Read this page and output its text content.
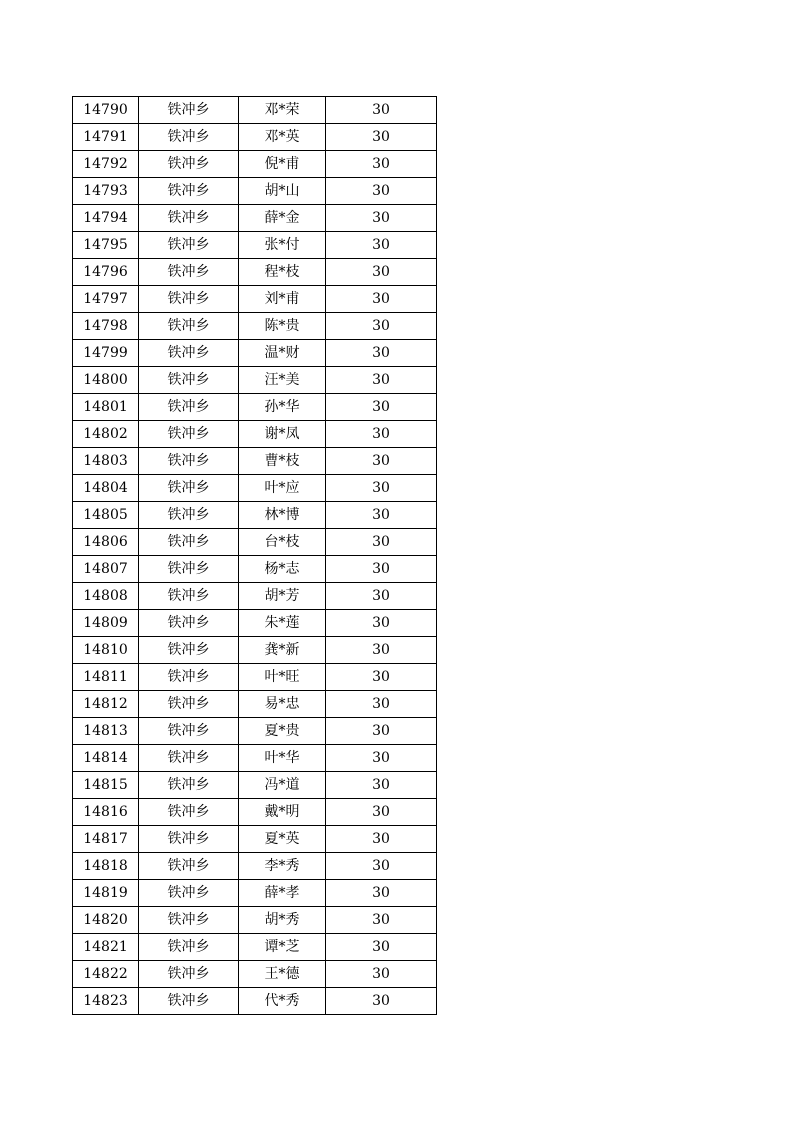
14790	铁冲乡	邓*荣	30
14791	铁冲乡	邓*英	30
14792	铁冲乡	倪*甫	30
14793	铁冲乡	胡*山	30
14794	铁冲乡	薛*金	30
14795	铁冲乡	张*付	30
14796	铁冲乡	程*枝	30
14797	铁冲乡	刘*甫	30
14798	铁冲乡	陈*贵	30
14799	铁冲乡	温*财	30
14800	铁冲乡	汪*美	30
14801	铁冲乡	孙*华	30
14802	铁冲乡	谢*凤	30
14803	铁冲乡	曹*枝	30
14804	铁冲乡	叶*应	30
14805	铁冲乡	林*博	30
14806	铁冲乡	台*枝	30
14807	铁冲乡	杨*志	30
14808	铁冲乡	胡*芳	30
14809	铁冲乡	朱*莲	30
14810	铁冲乡	龚*新	30
14811	铁冲乡	叶*旺	30
14812	铁冲乡	易*忠	30
14813	铁冲乡	夏*贵	30
14814	铁冲乡	叶*华	30
14815	铁冲乡	冯*道	30
14816	铁冲乡	戴*明	30
14817	铁冲乡	夏*英	30
14818	铁冲乡	李*秀	30
14819	铁冲乡	薛*孝	30
14820	铁冲乡	胡*秀	30
14821	铁冲乡	谭*芝	30
14822	铁冲乡	王*德	30
14823	铁冲乡	代*秀	30
